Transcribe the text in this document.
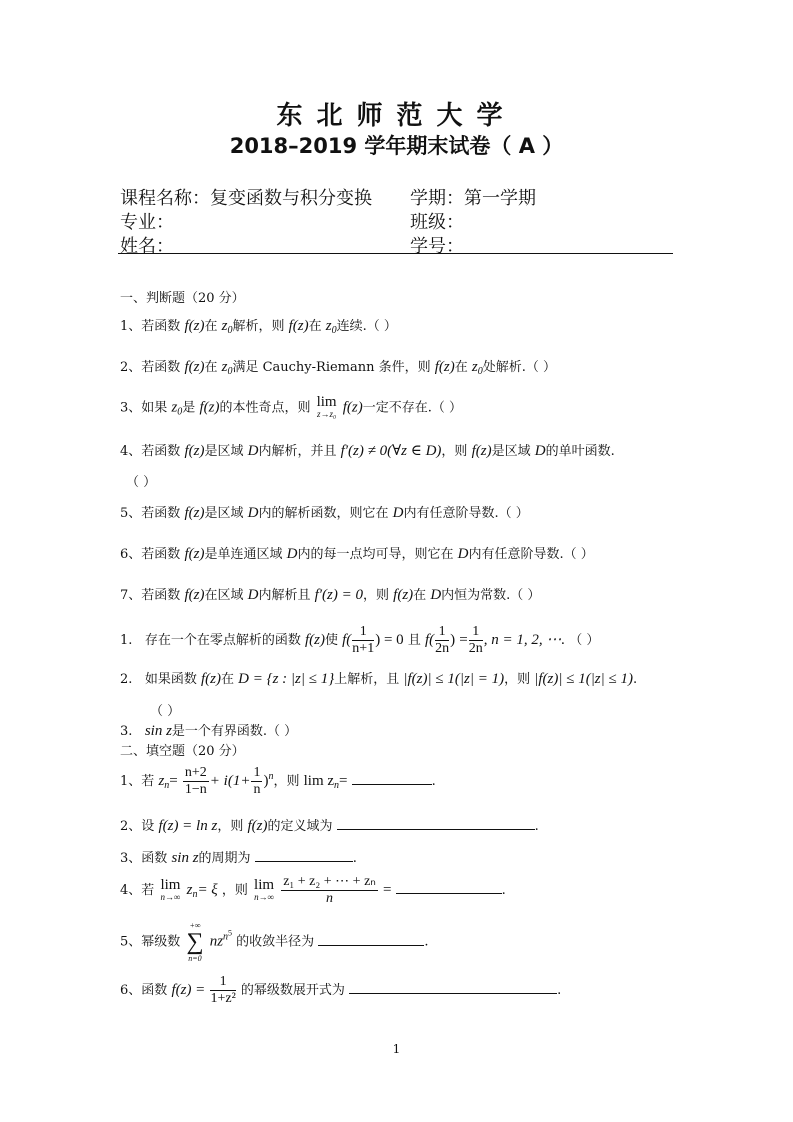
东北师范大学
2018–2019 学年期末试卷（ A ）
课程名称：复变函数与积分变换 学期：第一学期
专业：	班级：
姓名：	学号：
一、判断题（20 分）
1、若函数 f(z)在 $z_0$解析，则 f(z)在 $z_0$连续.（ ）
2、若函数 f(z)在 $z_0$满足 Cauchy-Riemann 条件，则 f(z)在 $z_0$处解析.（ ）
3、如果 $z_0$是 f(z)的本性奇点，则 lim
z→z₀ f(z)一定不存在.（ ）
4、若函数 f(z)是区域 D内解析，并且 f′(z) ≠ 0(∀z ∈ D)，则 f(z)是区域 D的单叶函数.
（ ）
5、若函数 f(z)是区域 D内的解析函数，则它在 D内有任意阶导数.（ ）
6、若函数 f(z)是单连通区域 D内的每一点均可导，则它在 D内有任意阶导数.（ ）
7、若函数 f(z)在区域 D内解析且 f′(z) = 0，则 f(z)在 D内恒为常数.（ ）
1. 存在一个在零点解析的函数 f(z)使 $f( \frac{1}{n+1}$ ) = 0 且 $f( \frac{1}{2n}$ ) = $\frac{1}{2n}$ , n = 1, 2, ⋯. （ ）
2. 如果函数 f(z)在 D = {z : |z| ≤ 1}上解析，且 |f(z)| ≤ 1(|z| = 1)，则 |f(z)| ≤ 1(|z| ≤ 1).
（ ）
3. sin z是一个有界函数.（ ）
二、填空题（20 分）
1、若 $z_n= \frac{n+2}{1-n} + i(1+ \frac{1}{n} )^n$，则 $\lim z_n=$	.
2、设 f(z) = ln z，则 f(z)的定义域为	.
3、函数 sin z的周期为	.
4、若 lim
n→∞ $z_n= \xi$ ，则 lim
n→∞
$\frac{\text{z₁ + z₂ + ⋯ + zₙ}}{n}$ =	.
5、幂级数
+∞
∑
n=0
$nz^{n5}$ 的收敛半径为	.
6、函数 $f(z) = \frac{1}{\text{1+z²}}$ 的幂级数展开式为	.
1
